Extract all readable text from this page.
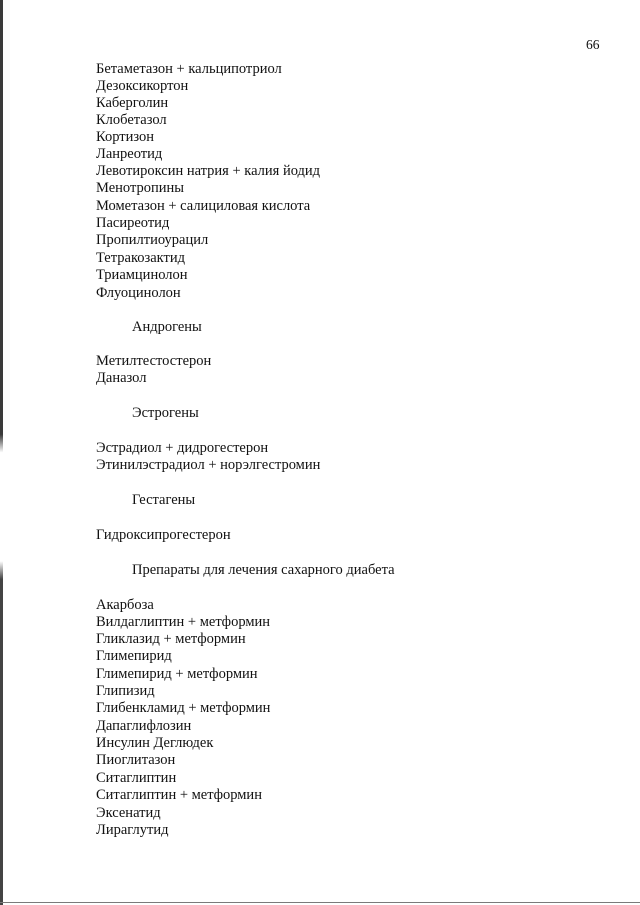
66
Бетаметазон + кальципотриол
Дезоксикортон
Каберголин
Клобетазол
Кортизон
Ланреотид
Левотироксин натрия + калия йодид
Менотропины
Мометазон + салициловая кислота
Пасиреотид
Пропилтиоурацил
Тетракозактид
Триамцинолон
Флуоцинолон
Андрогены
Метилтестостерон
Даназол
Эстрогены
Эстрадиол + дидрогестерон
Этинилэстрадиол + норэлгестромин
Гестагены
Гидроксипрогестерон
Препараты для лечения сахарного диабета
Акарбоза
Вилдаглиптин + метформин
Гликлазид + метформин
Глимепирид
Глимепирид + метформин
Глипизид
Глибенкламид + метформин
Дапаглифлозин
Инсулин Деглюдек
Пиоглитазон
Ситаглиптин
Ситаглиптин + метформин
Эксенатид
Лираглутид
